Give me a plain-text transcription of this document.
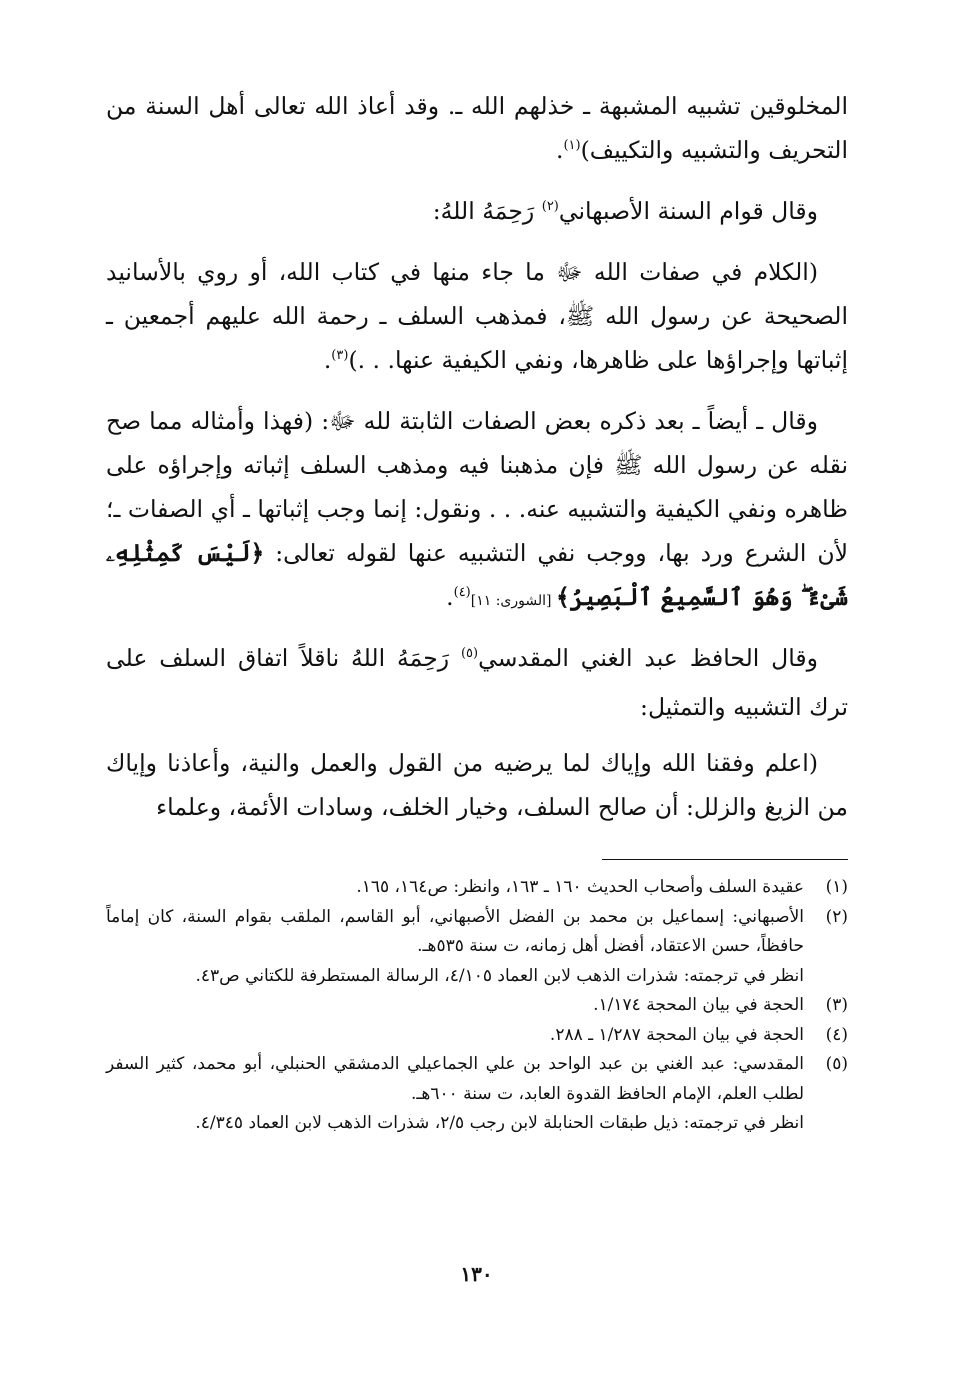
المخلوقين تشبيه المشبهة ـ خذلهم الله ـ. وقد أعاذ الله تعالى أهل السنة من التحريف والتشبيه والتكييف)$^{(١)}$.

وقال قوام السنة الأصبهاني$^{(٢)}$ رَحِمَهُ اللهُ:

(الكلام في صفات الله ﷻ ما جاء منها في كتاب الله، أو روي بالأسانيد الصحيحة عن رسول الله ﷺ، فمذهب السلف ـ رحمة الله عليهم أجمعين ـ إثباتها وإجراؤها على ظاهرها، ونفي الكيفية عنها. . .)$^{(٣)}$.

وقال ـ أيضاً ـ بعد ذكره بعض الصفات الثابتة لله ﷻ: (فهذا وأمثاله مما صح نقله عن رسول الله ﷺ فإن مذهبنا فيه ومذهب السلف إثباته وإجراؤه على ظاهره ونفي الكيفية والتشبيه عنه. . . ونقول: إنما وجب إثباتها ـ أي الصفات ـ؛ لأن الشرع ورد بها، ووجب نفي التشبيه عنها لقوله تعالى: ﴿لَيْسَ كَمِثْلِهِۦ شَىْءٌ ۖ وَهُوَ ٱلسَّمِيعُ ٱلْبَصِيرُ﴾ [الشورى: ١١]$^{(٤)}$.

وقال الحافظ عبد الغني المقدسي$^{(٥)}$ رَحِمَهُ اللهُ ناقلاً اتفاق السلف على ترك التشبيه والتمثيل:

(اعلم وفقنا الله وإياك لما يرضيه من القول والعمل والنية، وأعاذنا وإياك من الزيغ والزلل: أن صالح السلف، وخيار الخلف، وسادات الأئمة، وعلماء

(١)
عقيدة السلف وأصحاب الحديث ١٦٠ ـ ١٦٣، وانظر: ص١٦٤، ١٦٥.
(٢)
الأصبهاني: إسماعيل بن محمد بن الفضل الأصبهاني، أبو القاسم، الملقب بقوام السنة، كان إماماً حافظاً، حسن الاعتقاد، أفضل أهل زمانه، ت سنة ٥٣٥هـ.
انظر في ترجمته: شذرات الذهب لابن العماد ٤/١٠٥، الرسالة المستطرفة للكتاني ص٤٣.
(٣)
الحجة في بيان المحجة ١/١٧٤.
(٤)
الحجة في بيان المحجة ١/٢٨٧ ـ ٢٨٨.
(٥)
المقدسي: عبد الغني بن عبد الواحد بن علي الجماعيلي الدمشقي الحنبلي، أبو محمد، كثير السفر لطلب العلم، الإمام الحافظ القدوة العابد، ت سنة ٦٠٠هـ.
انظر في ترجمته: ذيل طبقات الحنابلة لابن رجب ٢/٥، شذرات الذهب لابن العماد ٤/٣٤٥.
١٣٠
